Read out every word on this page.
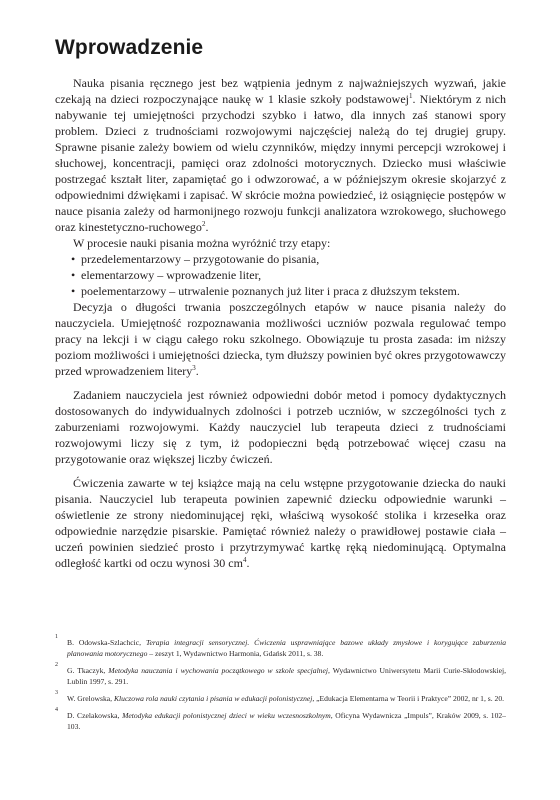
Wprowadzenie

Nauka pisania ręcznego jest bez wątpienia jednym z najważniejszych wyzwań, jakie czekają na dzieci rozpoczynające naukę w 1 klasie szkoły podstawowej$^1$. Niektórym z nich nabywanie tej umiejętności przychodzi szybko i łatwo, dla innych zaś stanowi spory problem. Dzieci z trudnościami rozwojowymi najczęściej należą do tej drugiej grupy. Sprawne pisanie zależy bowiem od wielu czynników, między innymi percepcji wzrokowej i słuchowej, koncentracji, pamięci oraz zdolności motorycznych. Dziecko musi właściwie postrzegać kształt liter, zapamiętać go i odwzorować, a w późniejszym okresie skojarzyć z odpowiednimi dźwiękami i zapisać. W skrócie można powiedzieć, iż osiągnięcie postępów w nauce pisania zależy od harmonijnego rozwoju funkcji analizatora wzrokowego, słuchowego oraz kinestetyczno-ruchowego$^2$.

W procesie nauki pisania można wyróżnić trzy etapy:

• przedelementarzowy – przygotowanie do pisania,
• elementarzowy – wprowadzenie liter,
• poelementarzowy – utrwalenie poznanych już liter i praca z dłuższym tekstem.

Decyzja o długości trwania poszczególnych etapów w nauce pisania należy do nauczyciela. Umiejętność rozpoznawania możliwości uczniów pozwala regulować tempo pracy na lekcji i w ciągu całego roku szkolnego. Obowiązuje tu prosta zasada: im niższy poziom możliwości i umiejętności dziecka, tym dłuższy powinien być okres przygotowawczy przed wprowadzeniem litery$^3$.

Zadaniem nauczyciela jest również odpowiedni dobór metod i pomocy dydaktycznych dostosowanych do indywidualnych zdolności i potrzeb uczniów, w szczególności tych z zaburzeniami rozwojowymi. Każdy nauczyciel lub terapeuta dzieci z trudnościami rozwojowymi liczy się z tym, iż podopieczni będą potrzebować więcej czasu na przygotowanie oraz większej liczby ćwiczeń.

Ćwiczenia zawarte w tej książce mają na celu wstępne przygotowanie dziecka do nauki pisania. Nauczyciel lub terapeuta powinien zapewnić dziecku odpowiednie warunki – oświetlenie ze strony niedominującej ręki, właściwą wysokość stolika i krzesełka oraz odpowiednie narzędzie pisarskie. Pamiętać również należy o prawidłowej postawie ciała – uczeń powinien siedzieć prosto i przytrzymywać kartkę ręką niedominującą. Optymalna odległość kartki od oczu wynosi 30 $cm^4$.

1
B. Odowska-Szlachcic, Terapia integracji sensorycznej. Ćwiczenia usprawniające bazowe układy zmysłowe i korygujące zaburzenia planowania motorycznego – zeszyt 1, Wydawnictwo Harmonia, Gdańsk 2011, s. 38.
2
G. Tkaczyk, Metodyka nauczania i wychowania początkowego w szkole specjalnej, Wydawnictwo Uniwersytetu Marii Curie-Skłodowskiej, Lublin 1997, s. 291.
3
W. Grelowska, Kluczowa rola nauki czytania i pisania w edukacji polonistycznej, „Edukacja Elementarna w Teorii i Praktyce” 2002, nr 1, s. 20.
4
D. Czelakowska, Metodyka edukacji polonistycznej dzieci w wieku wczesnoszkolnym, Oficyna Wydawnicza „Impuls”, Kraków 2009, s. 102–103.
